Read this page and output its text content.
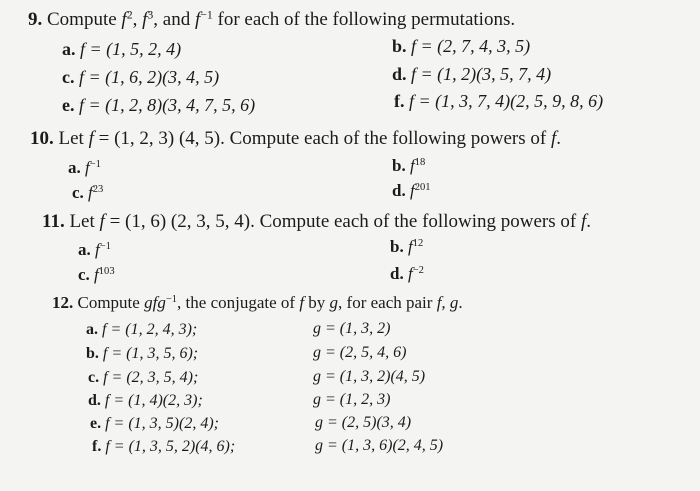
9. Compute $f^2$, $f^3$, and $f^{-1}$ for each of the following permutations.
a. f = (1, 5, 2, 4)	b. f = (2, 7, 4, 3, 5)
c. f = (1, 6, 2)(3, 4, 5)	d. f = (1, 2)(3, 5, 7, 4)
e. f = (1, 2, 8)(3, 4, 7, 5, 6)	f. f = (1, 3, 7, 4)(2, 5, 9, 8, 6)
10. Let f = (1, 2, 3) (4, 5). Compute each of the following powers of f.
a. $f^{-1}$	b. $f^{18}$
c. $f^{23}$	d. $f^{201}$
11. Let f = (1, 6) (2, 3, 5, 4). Compute each of the following powers of f.
a. $f^{-1}$	b. $f^{12}$
c. $f^{103}$	d. $f^{-2}$
12. Compute gfg$^{-1}$, the conjugate of f by g, for each pair f, g.
a. f = (1, 2, 4, 3);	g = (1, 3, 2)
b. f = (1, 3, 5, 6);	g = (2, 5, 4, 6)
c. f = (2, 3, 5, 4);	g = (1, 3, 2)(4, 5)
d. f = (1, 4)(2, 3);	g = (1, 2, 3)
e. f = (1, 3, 5)(2, 4);	g = (2, 5)(3, 4)
f. f = (1, 3, 5, 2)(4, 6);	g = (1, 3, 6)(2, 4, 5)
